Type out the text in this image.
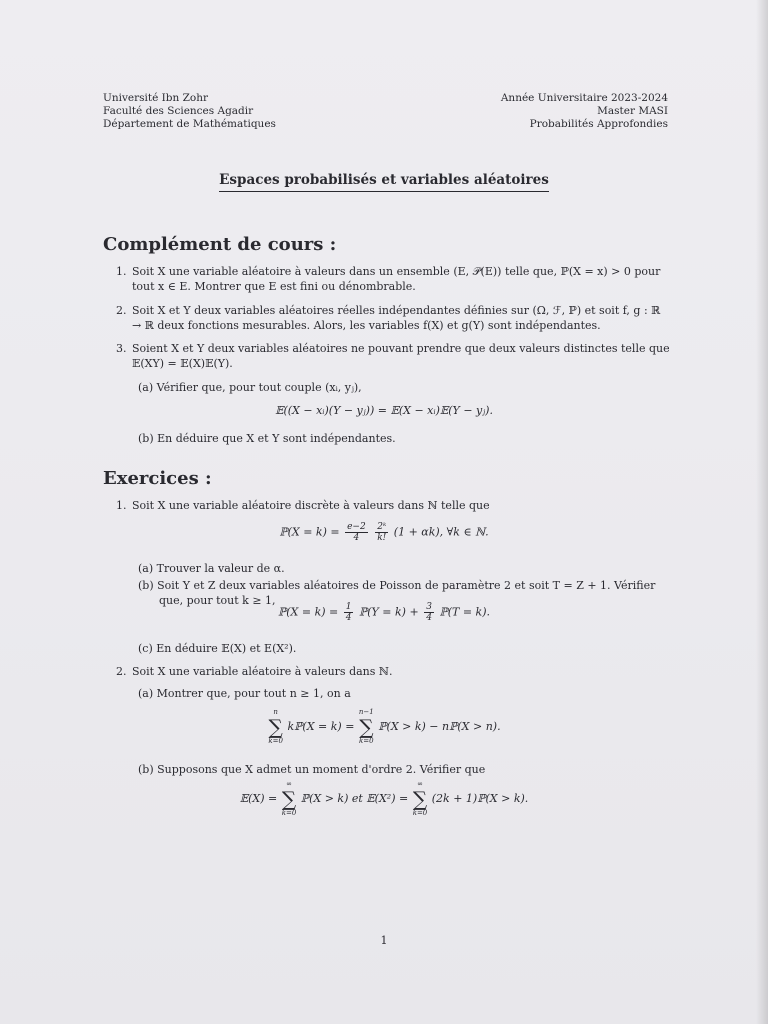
Université Ibn Zohr
Faculté des Sciences Agadir
Département de Mathématiques
Année Universitaire 2023-2024
Master MASI
Probabilités Approfondies
Espaces probabilisés et variables aléatoires
Complément de cours :
1. Soit X une variable aléatoire à valeurs dans un ensemble (E, 𝒫(E)) telle que, ℙ(X = x) > 0 pour tout x ∈ E. Montrer que E est fini ou dénombrable.
2. Soit X et Y deux variables aléatoires réelles indépendantes définies sur (Ω, ℱ, ℙ) et soit f, g : ℝ → ℝ deux fonctions mesurables. Alors, les variables f(X) et g(Y) sont indépendantes.
3. Soient X et Y deux variables aléatoires ne pouvant prendre que deux valeurs distinctes telle que 𝔼(XY) = 𝔼(X)𝔼(Y).
(a) Vérifier que, pour tout couple (xᵢ, yⱼ),
𝔼((X − xᵢ)(Y − yⱼ)) = 𝔼(X − xᵢ)𝔼(Y − yⱼ).
(b) En déduire que X et Y sont indépendantes.
Exercices :
1. Soit X une variable aléatoire discrète à valeurs dans ℕ telle que
ℙ(X = $k) = \frac{e-2}{4}$
$\frac{\text{2ᵏ}}{k!} (1 + \alpha k)$, ∀k ∈ ℕ.
(a) Trouver la valeur de α.
(b) Soit Y et Z deux variables aléatoires de Poisson de paramètre 2 et soit T = Z + 1. Vérifier
que, pour tout k ≥ 1,
ℙ(X = $k) = \frac{1}{4}$ ℙ(Y = $k) + \frac{3}{4}$ ℙ(T = k).
(c) En déduire 𝔼(X) et E(X²).
2. Soit X une variable aléatoire à valeurs dans ℕ.
(a) Montrer que, pour tout n ≥ 1, on a
n
∑
k=0
kℙ(X = k) =
n−1
∑
k=0
ℙ(X > k) − nℙ(X > n).
(b) Supposons que X admet un moment d'ordre 2. Vérifier que
𝔼(X) =
∞
∑
k=0
ℙ(X > k) et 𝔼(X²) =
∞
∑
k=0
(2k + 1)ℙ(X > k).
1
